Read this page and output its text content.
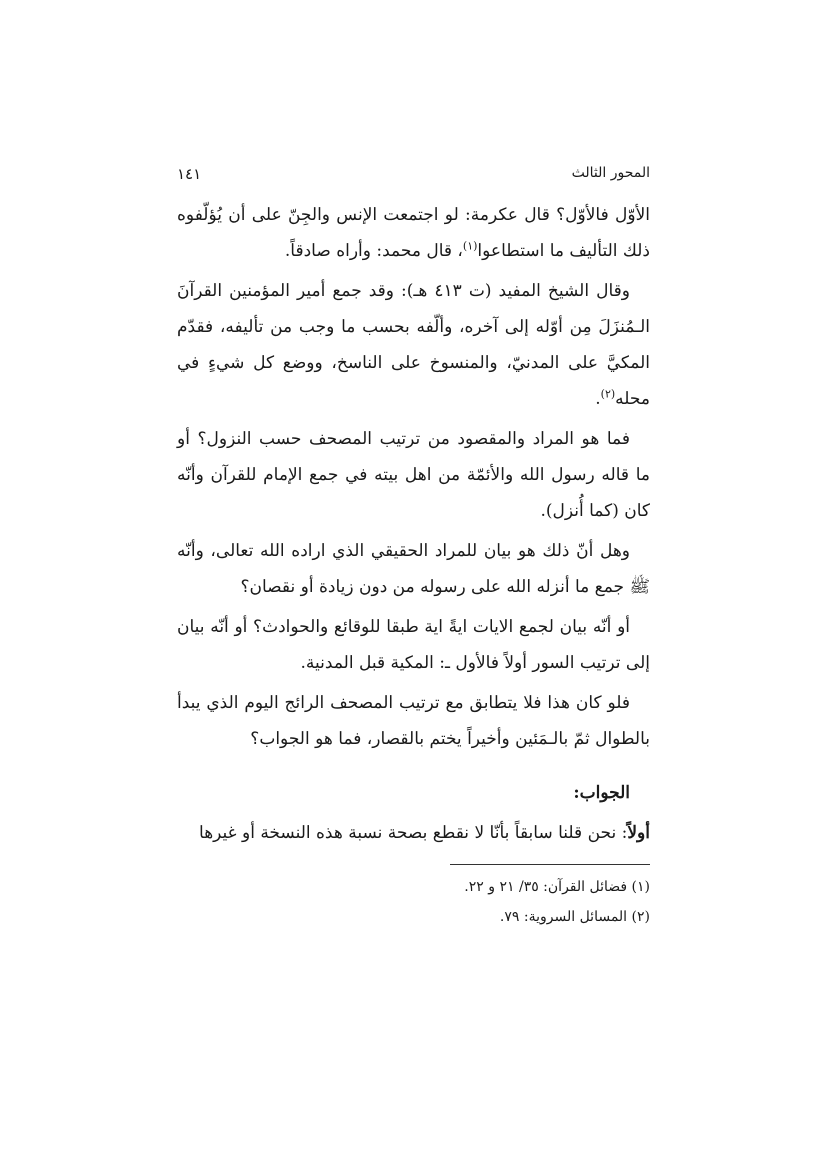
المحور الثالث
١٤١

الأوّل فالأوّل؟ قال عكرمة: لو اجتمعت الإنس والجِنّ على أن يُؤلّفوه ذلك التأليف ما استطاعوا$^{(١)}$، قال محمد: وأراه صادقاً.

وقال الشيخ المفيد (ت ٤١٣ هـ): وقد جمع أمير المؤمنين القرآنَ الـمُنزَلَ مِن أوّله إلى آخره، وألّفه بحسب ما وجب من تأليفه، فقدّم المكيَّ على المدنيّ، والمنسوخ على الناسخ، ووضع كل شيءٍ في محله$^{(٢)}$.

فما هو المراد والمقصود من ترتيب المصحف حسب النزول؟ أو ما قاله رسول الله والأئمّة من اهل بيته في جمع الإمام للقرآن وأنّه كان (كما أُنزل).

وهل أنّ ذلك هو بيان للمراد الحقيقي الذي اراده الله تعالى، وأنّه ﷺ جمع ما أنزله الله على رسوله من دون زيادة أو نقصان؟

أو أنّه بيان لجمع الايات ايةً اية طبقا للوقائع والحوادث؟ أو أنّه بيان إلى ترتيب السور أولاً فالأول ـ: المكية قبل المدنية.

فلو كان هذا فلا يتطابق مع ترتيب المصحف الرائج اليوم الذي يبدأ بالطوال ثمّ بالـمَئين وأخيراً يختم بالقصار، فما هو الجواب؟

الجواب:

أولاً: نحن قلنا سابقاً بأنّا لا نقطع بصحة نسبة هذه النسخة أو غيرها

(١) فضائل القرآن: ٣٥/ ٢١ و ٢٢.

(٢) المسائل السروية: ٧٩.
